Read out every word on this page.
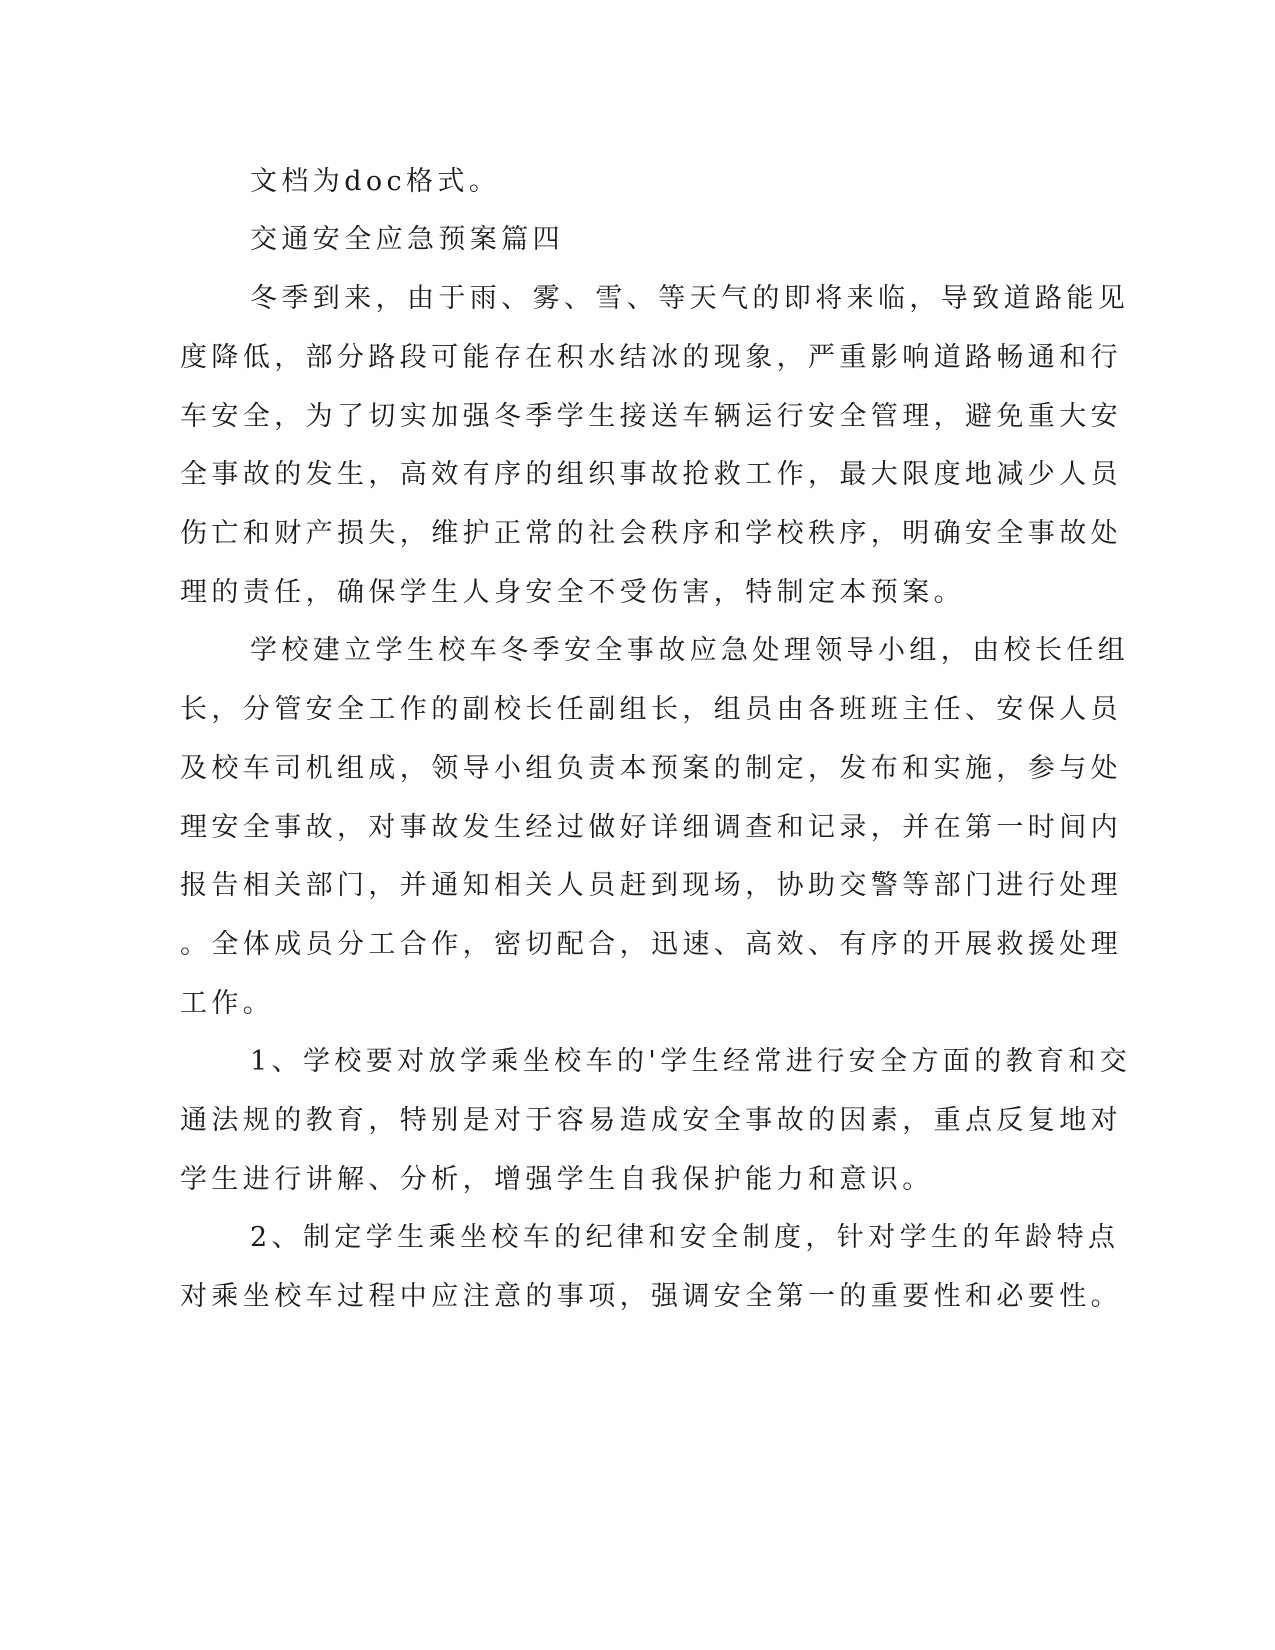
文档为doc格式。
交通安全应急预案篇四
冬季到来，由于雨、雾、雪、等天气的即将来临，导致道路能见
度降低，部分路段可能存在积水结冰的现象，严重影响道路畅通和行
车安全，为了切实加强冬季学生接送车辆运行安全管理，避免重大安
全事故的发生，高效有序的组织事故抢救工作，最大限度地减少人员
伤亡和财产损失，维护正常的社会秩序和学校秩序，明确安全事故处
理的责任，确保学生人身安全不受伤害，特制定本预案。
学校建立学生校车冬季安全事故应急处理领导小组，由校长任组
长，分管安全工作的副校长任副组长，组员由各班班主任、安保人员
及校车司机组成，领导小组负责本预案的制定，发布和实施，参与处
理安全事故，对事故发生经过做好详细调查和记录，并在第一时间内
报告相关部门，并通知相关人员赶到现场，协助交警等部门进行处理
。全体成员分工合作，密切配合，迅速、高效、有序的开展救援处理
工作。
1、学校要对放学乘坐校车的'学生经常进行安全方面的教育和交
通法规的教育，特别是对于容易造成安全事故的因素，重点反复地对
学生进行讲解、分析，增强学生自我保护能力和意识。
2、制定学生乘坐校车的纪律和安全制度，针对学生的年龄特点
对乘坐校车过程中应注意的事项，强调安全第一的重要性和必要性。
